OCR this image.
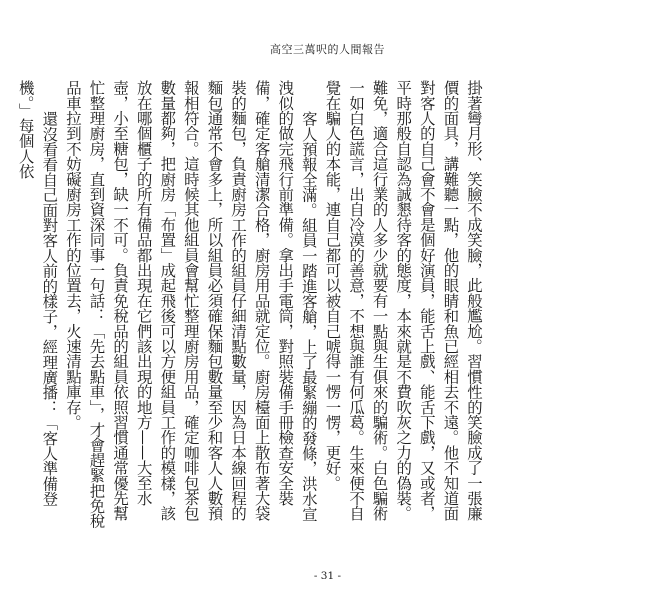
高空三萬呎的人間報告

掛著彎月形、笑臉不成笑臉，此般尷尬。習慣性的笑臉成了一張廉價的面具，講難聽一點，他的眼睛和魚已經相去不遠。他不知道面對客人的自己會不會是個好演員，能舌上戲、能舌下戲，又或者，平時那般自認為誠懇待客的態度，本來就是不費吹灰之力的偽裝。難免，適合這行業的人多少就要有一點與生俱來的騙術。白色騙術一如白色謊言，出自冷漠的善意，不想與誰有何瓜葛。生來便不自覺在騙人的本能，連自己都可以被自己唬得一愣一愣，更好。

客人預報全滿。組員一踏進客艙，上了最緊繃的發條，洪水宣洩似的做完飛行前準備。拿出手電筒，對照裝備手冊檢查安全裝備，確定客艙清潔合格，廚房用品就定位。廚房檯面上散布著大袋裝的麵包，負責廚房工作的組員仔細清點數量，因為日本線回程的麵包通常不會多上，所以組員必須確保麵包數量至少和客人人數預報相符合。這時候其他組員會幫忙整理廚房用品，確定咖啡包茶包數量都夠，把廚房「布置」成起飛後可以方便組員工作的模樣，該放在哪個櫃子的所有備品都出現在它們該出現的地方——大至水壺，小至糖包，缺一不可。負責免稅品的組員依照習慣通常優先幫忙整理廚房，直到資深同事一句話：「先去點車」，才會趕緊把免稅品車拉到不妨礙廚房工作的位置去，火速清點庫存。

還沒看看自己面對客人前的樣子，經理廣播：「客人準備登機。」每個人依

- 31 -
